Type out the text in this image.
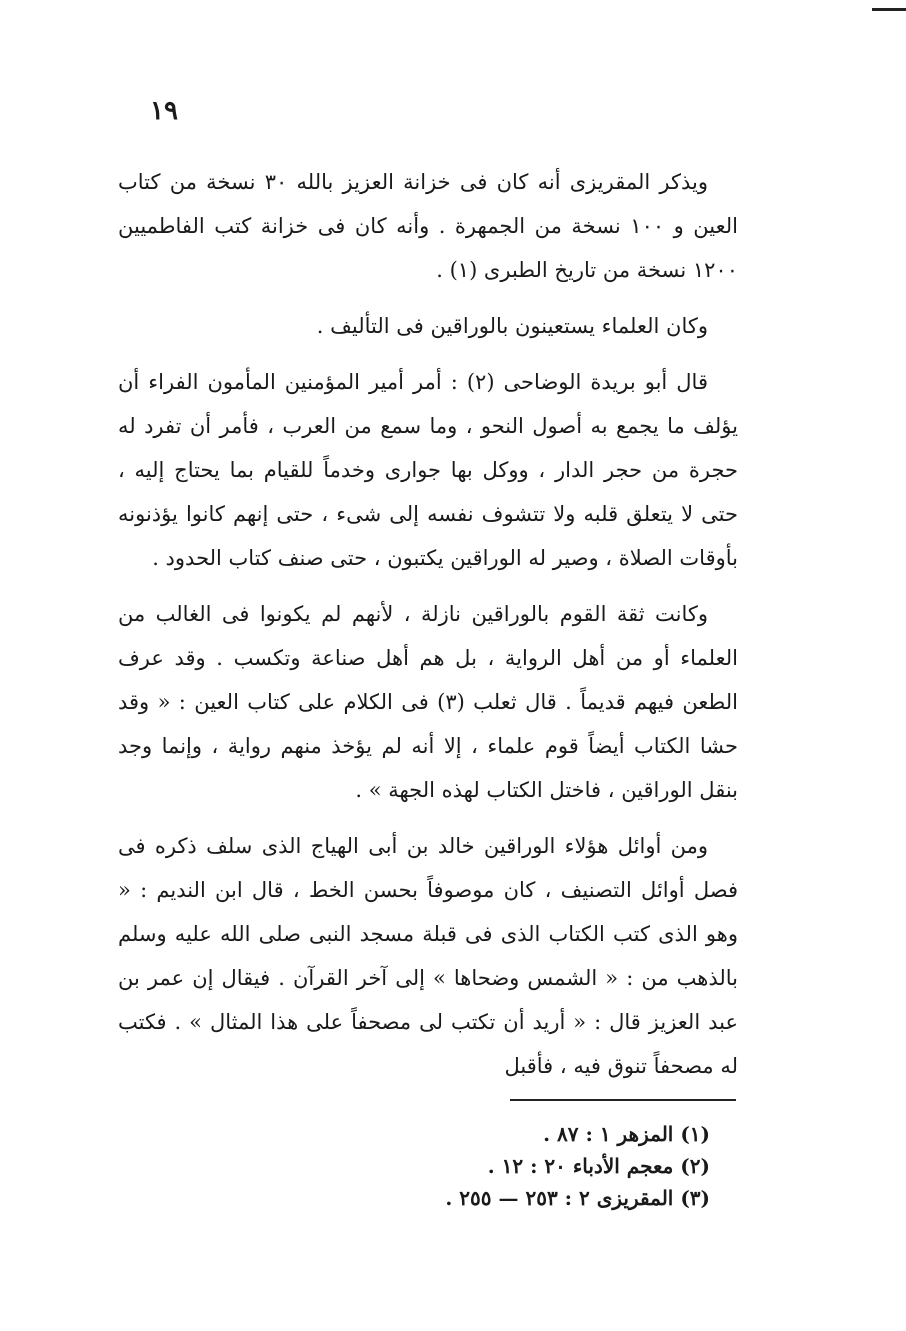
١٩

ويذكر المقريزى أنه كان فى خزانة العزيز بالله ٣٠ نسخة من كتاب العين و ١٠٠ نسخة من الجمهرة . وأنه كان فى خزانة كتب الفاطميين ١٢٠٠ نسخة من تاريخ الطبرى (١) .

وكان العلماء يستعينون بالوراقين فى التأليف .

قال أبو بريدة الوضاحى (٢) : أمر أمير المؤمنين المأمون الفراء أن يؤلف ما يجمع به أصول النحو ، وما سمع من العرب ، فأمر أن تفرد له حجرة من حجر الدار ، ووكل بها جوارى وخدماً للقيام بما يحتاج إليه ، حتى لا يتعلق قلبه ولا تتشوف نفسه إلى شىء ، حتى إنهم كانوا يؤذنونه بأوقات الصلاة ، وصير له الوراقين يكتبون ، حتى صنف كتاب الحدود .

وكانت ثقة القوم بالوراقين نازلة ، لأنهم لم يكونوا فى الغالب من العلماء أو من أهل الرواية ، بل هم أهل صناعة وتكسب . وقد عرف الطعن فيهم قديماً . قال ثعلب (٣) فى الكلام على كتاب العين : « وقد حشا الكتاب أيضاً قوم علماء ، إلا أنه لم يؤخذ منهم رواية ، وإنما وجد بنقل الوراقين ، فاختل الكتاب لهذه الجهة » .

ومن أوائل هؤلاء الوراقين خالد بن أبى الهياج الذى سلف ذكره فى فصل أوائل التصنيف ، كان موصوفاً بحسن الخط ، قال ابن النديم : « وهو الذى كتب الكتاب الذى فى قبلة مسجد النبى صلى الله عليه وسلم بالذهب من : « الشمس وضحاها » إلى آخر القرآن . فيقال إن عمر بن عبد العزيز قال : « أريد أن تكتب لى مصحفاً على هذا المثال » . فكتب له مصحفاً تنوق فيه ، فأقبل

(١) المزهر ١ : ٨٧ .

(٢) معجم الأدباء ٢٠ : ١٢ .

(٣) المقريزى ٢ : ٢٥٣ — ٢٥٥ .
